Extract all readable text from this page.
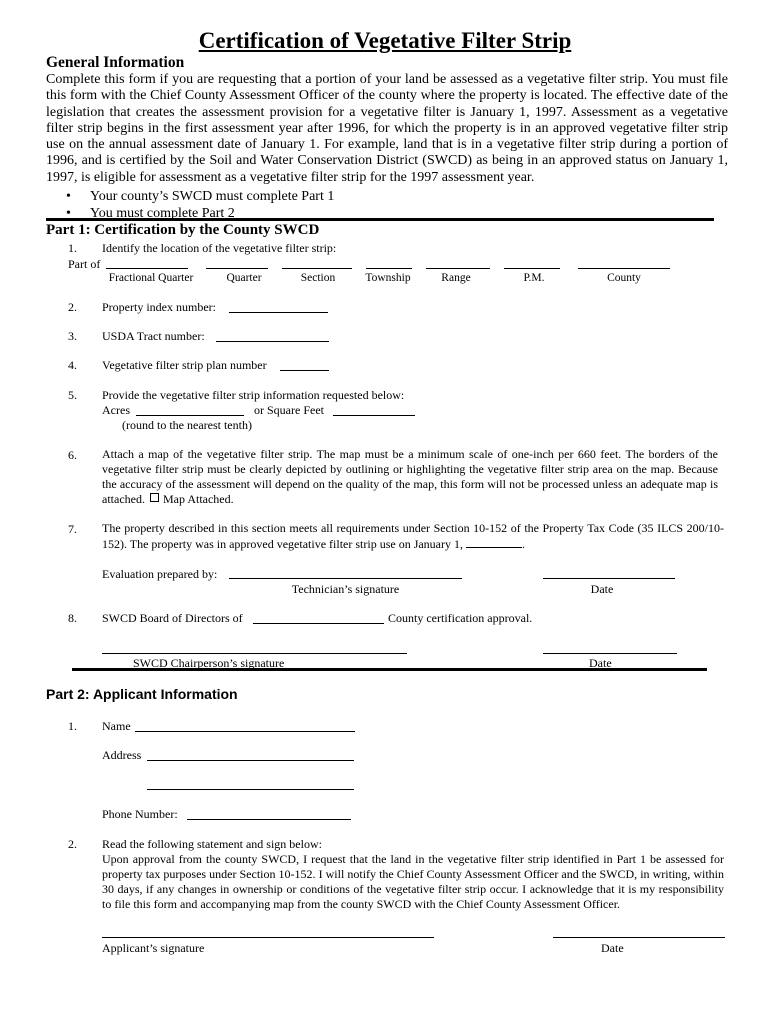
Certification of Vegetative Filter Strip
General Information
Complete this form if you are requesting that a portion of your land be assessed as a vegetative filter strip. You must file this form with the Chief County Assessment Officer of the county where the property is located. The effective date of the legislation that creates the assessment provision for a vegetative filter is January 1, 1997. Assessment as a vegetative filter strip begins in the first assessment year after 1996, for which the property is in an approved vegetative filter strip use on the annual assessment date of January 1. For example, land that is in a vegetative filter strip during a portion of 1996, and is certified by the Soil and Water Conservation District (SWCD) as being in an approved status on January 1, 1997, is eligible for assessment as a vegetative filter strip for the 1997 assessment year.
• Your county’s SWCD must complete Part 1
• You must complete Part 2
Part 1: Certification by the County SWCD
1. Identify the location of the vegetative filter strip:
Part of
Fractional Quarter	Quarter	Section	Township	Range	P.M.	County
2. Property index number:
3. USDA Tract number:
4. Vegetative filter strip plan number
5. Provide the vegetative filter strip information requested below:
Acres	or Square Feet
(round to the nearest tenth)
6. Attach a map of the vegetative filter strip. The map must be a minimum scale of one-inch per 660 feet. The borders of the vegetative filter strip must be clearly depicted by outlining or highlighting the vegetative filter strip area on the map. Because the accuracy of the assessment will depend on the quality of the map, this form will not be processed unless an adequate map is attached. Map Attached.
7. The property described in this section meets all requirements under Section 10-152 of the Property Tax Code (35 ILCS 200/10-152). The property was in approved vegetative filter strip use on January 1,	.
Evaluation prepared by:
Technician’s signature	Date
8. SWCD Board of Directors of	County certification approval.
SWCD Chairperson’s signature	Date
Part 2: Applicant Information
1. Name
Address
Phone Number:
2. Read the following statement and sign below:
Upon approval from the county SWCD, I request that the land in the vegetative filter strip identified in Part 1 be assessed for property tax purposes under Section 10-152. I will notify the Chief County Assessment Officer and the SWCD, in writing, within 30 days, if any changes in ownership or conditions of the vegetative filter strip occur. I acknowledge that it is my responsibility to file this form and accompanying map from the county SWCD with the Chief County Assessment Officer.
Applicant’s signature	Date
